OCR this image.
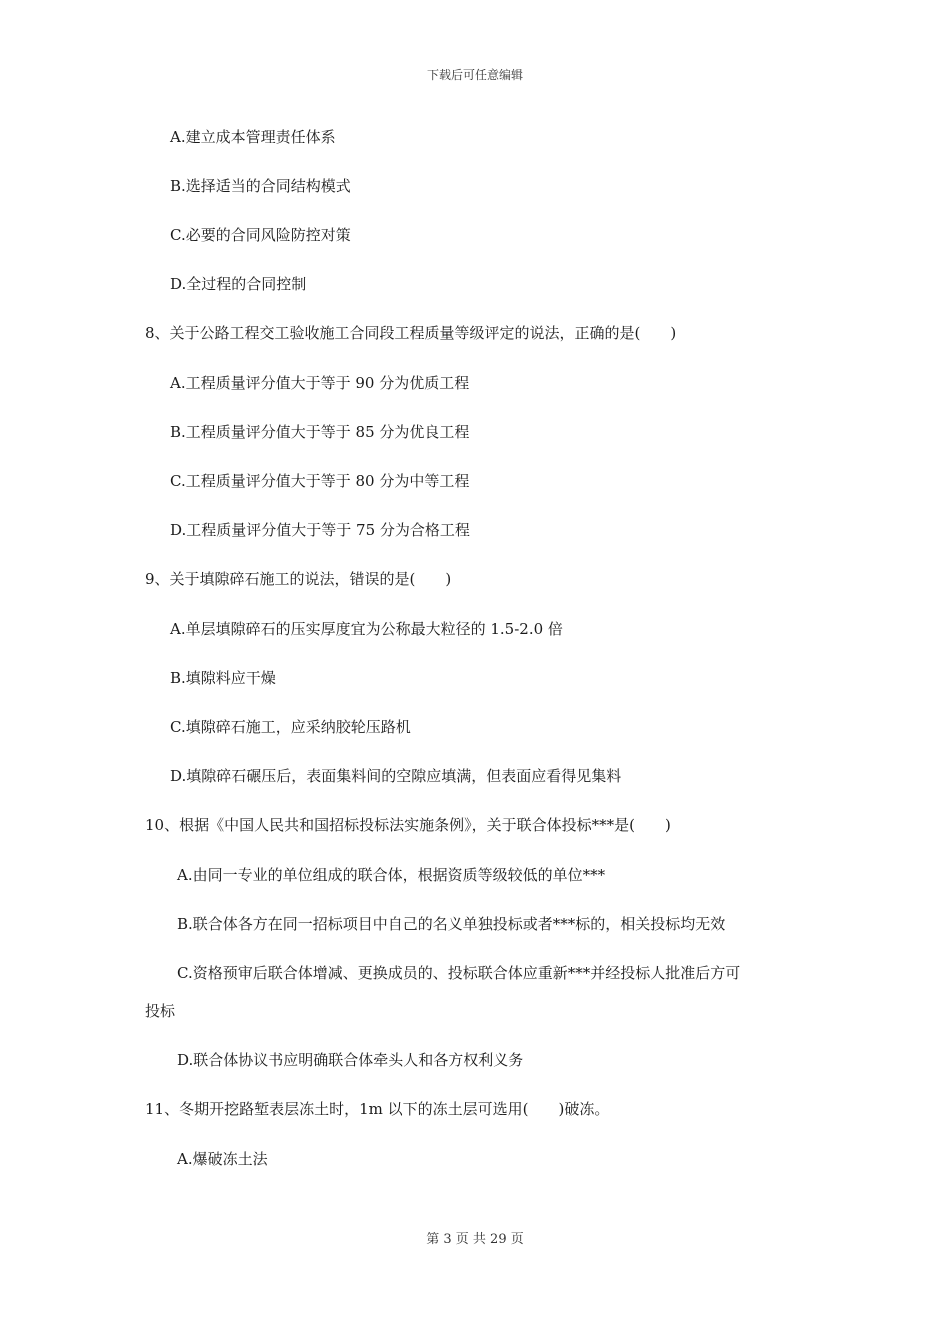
下载后可任意编辑
A.建立成本管理责任体系
B.选择适当的合同结构模式
C.必要的合同风险防控对策
D.全过程的合同控制
8、关于公路工程交工验收施工合同段工程质量等级评定的说法，正确的是(　　)
A.工程质量评分值大于等于 90 分为优质工程
B.工程质量评分值大于等于 85 分为优良工程
C.工程质量评分值大于等于 80 分为中等工程
D.工程质量评分值大于等于 75 分为合格工程
9、关于填隙碎石施工的说法，错误的是(　　)
A.单层填隙碎石的压实厚度宜为公称最大粒径的 1.5-2.0 倍
B.填隙料应干燥
C.填隙碎石施工，应采纳胶轮压路机
D.填隙碎石碾压后，表面集料间的空隙应填满，但表面应看得见集料
10、根据《中国人民共和国招标投标法实施条例》，关于联合体投标***是(　　)
A.由同一专业的单位组成的联合体，根据资质等级较低的单位***
B.联合体各方在同一招标项目中自己的名义单独投标或者***标的，相关投标均无效
C.资格预审后联合体增减、更换成员的、投标联合体应重新***并经投标人批准后方可
投标
D.联合体协议书应明确联合体牵头人和各方权利义务
11、冬期开挖路堑表层冻土时，1m 以下的冻土层可选用(　　)破冻。
A.爆破冻土法
第 3 页 共 29 页
